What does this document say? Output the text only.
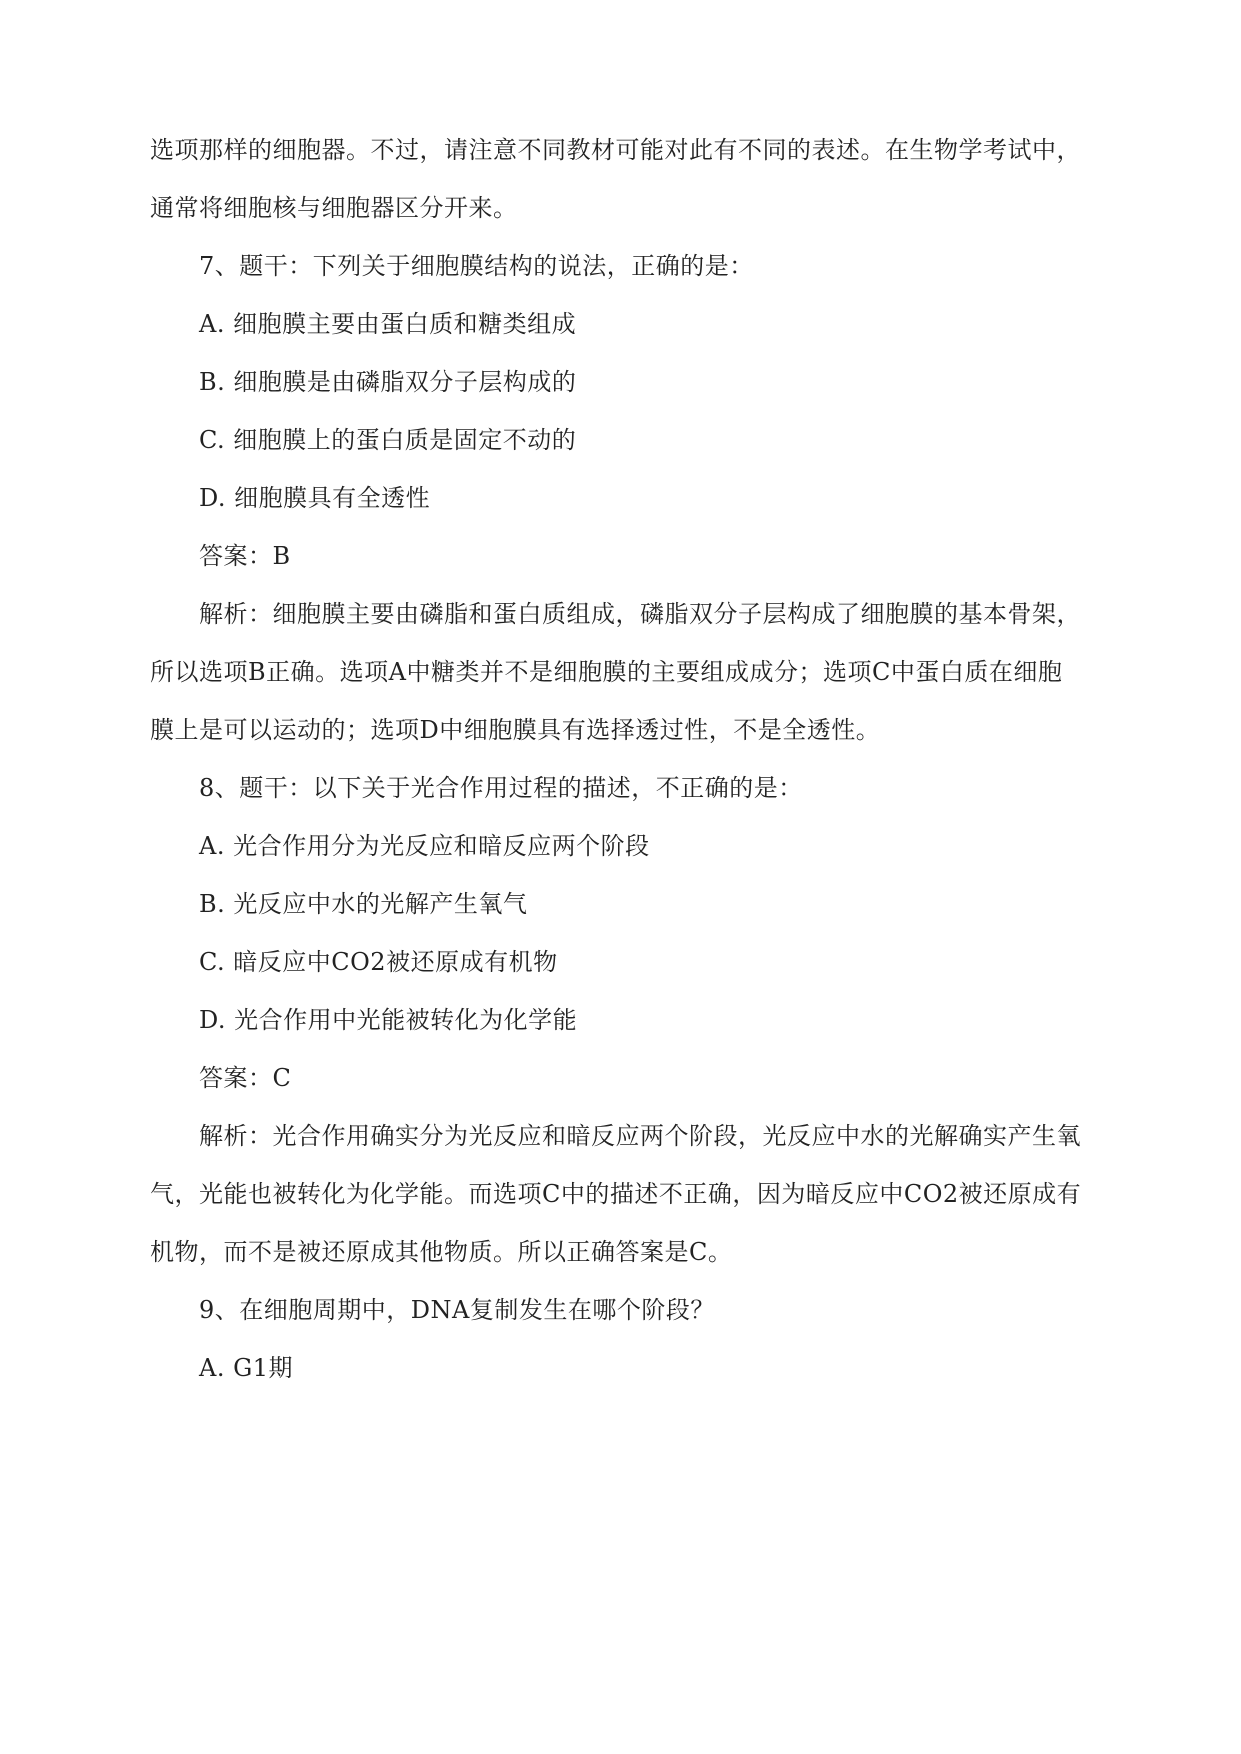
选项那样的细胞器。不过，请注意不同教材可能对此有不同的表述。在生物学考试中，
通常将细胞核与细胞器区分开来。
7、题干：下列关于细胞膜结构的说法，正确的是：
A. 细胞膜主要由蛋白质和糖类组成
B. 细胞膜是由磷脂双分子层构成的
C. 细胞膜上的蛋白质是固定不动的
D. 细胞膜具有全透性
答案：B
解析：细胞膜主要由磷脂和蛋白质组成，磷脂双分子层构成了细胞膜的基本骨架，
所以选项B正确。选项A中糖类并不是细胞膜的主要组成成分；选项C中蛋白质在细胞
膜上是可以运动的；选项D中细胞膜具有选择透过性，不是全透性。
8、题干：以下关于光合作用过程的描述，不正确的是：
A. 光合作用分为光反应和暗反应两个阶段
B. 光反应中水的光解产生氧气
C. 暗反应中CO2被还原成有机物
D. 光合作用中光能被转化为化学能
答案：C
解析：光合作用确实分为光反应和暗反应两个阶段，光反应中水的光解确实产生氧
气，光能也被转化为化学能。而选项C中的描述不正确，因为暗反应中CO2被还原成有
机物，而不是被还原成其他物质。所以正确答案是C。
9、在细胞周期中，DNA复制发生在哪个阶段？
A. G1期
